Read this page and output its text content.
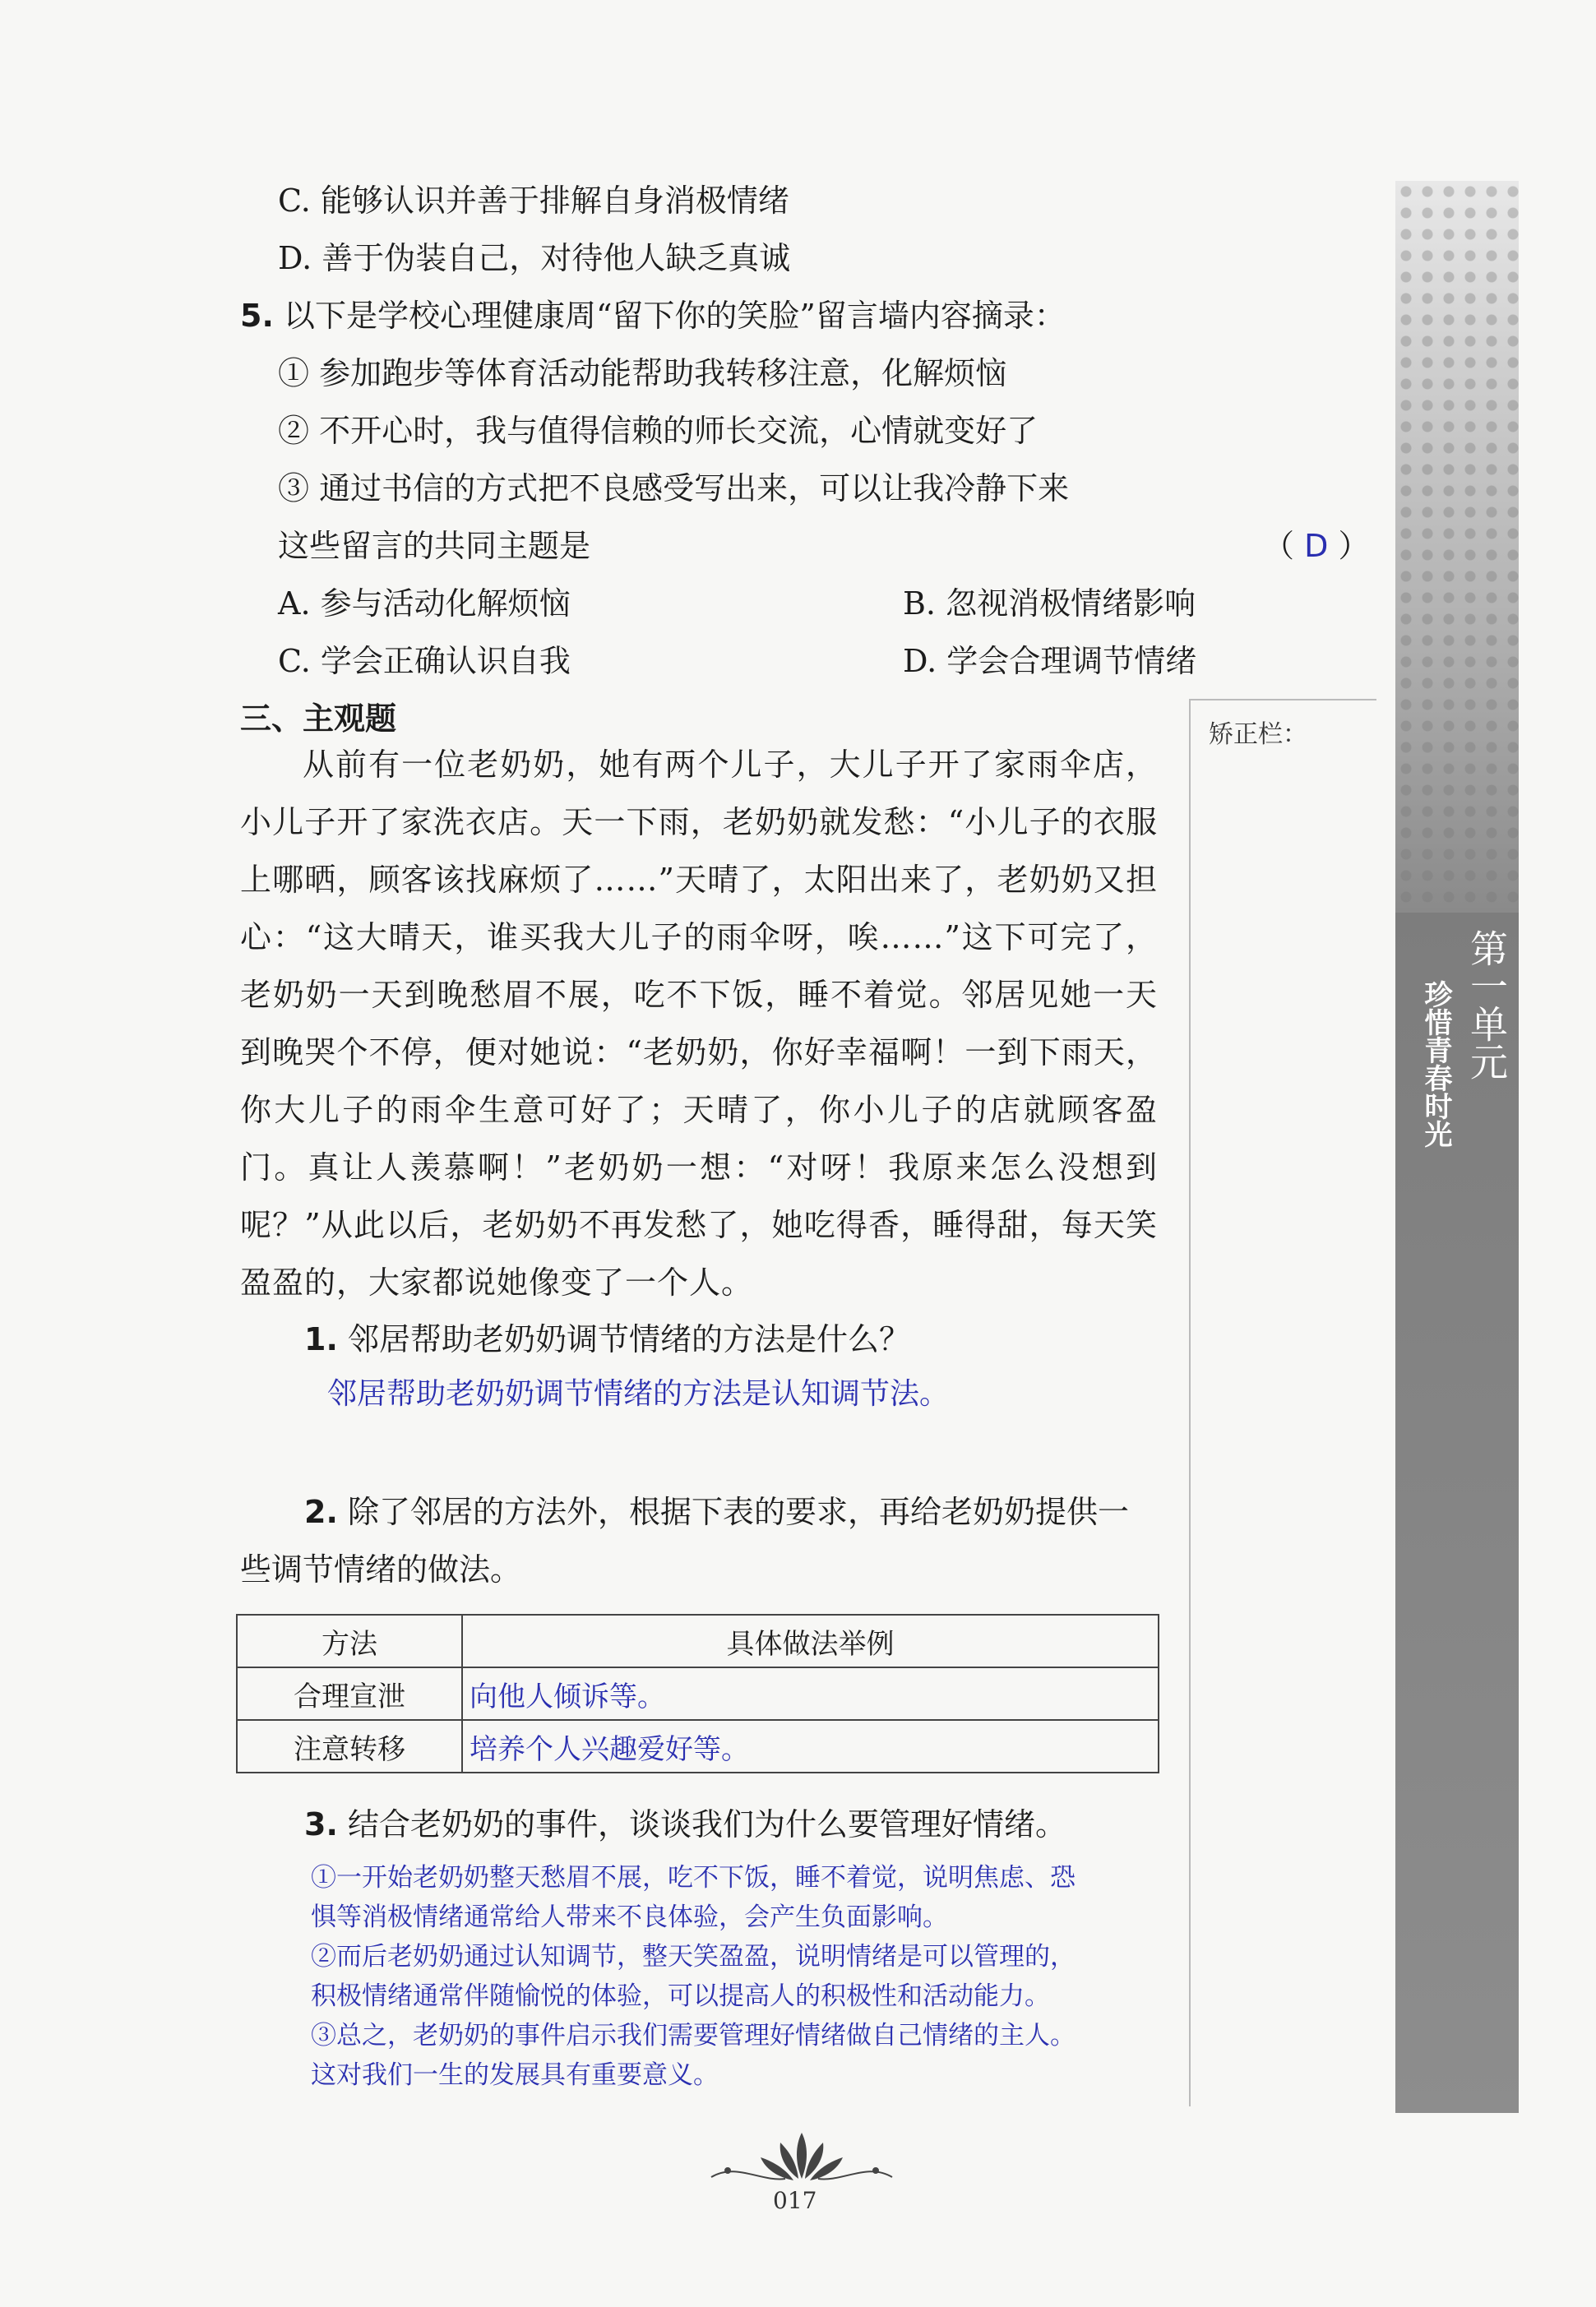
C. 能够认识并善于排解自身消极情绪
D. 善于伪装自己，对待他人缺乏真诚
5. 以下是学校心理健康周“留下你的笑脸”留言墙内容摘录：
① 参加跑步等体育活动能帮助我转移注意，化解烦恼
② 不开心时，我与值得信赖的师长交流，心情就变好了
③ 通过书信的方式把不良感受写出来，可以让我冷静下来
这些留言的共同主题是	（ D ）
A. 参与活动化解烦恼	B. 忽视消极情绪影响
C. 学会正确认识自我	D. 学会合理调节情绪
三、主观题
从前有一位老奶奶，她有两个儿子，大儿子开了家雨伞店，小儿子开了家洗衣店。天一下雨，老奶奶就发愁：“小儿子的衣服上哪晒，顾客该找麻烦了……”天晴了，太阳出来了，老奶奶又担心：“这大晴天，谁买我大儿子的雨伞呀，唉……”这下可完了，老奶奶一天到晚愁眉不展，吃不下饭，睡不着觉。邻居见她一天到晚哭个不停，便对她说：“老奶奶，你好幸福啊！一到下雨天，你大儿子的雨伞生意可好了；天晴了，你小儿子的店就顾客盈门。真让人羡慕啊！”老奶奶一想：“对呀！我原来怎么没想到呢？”从此以后，老奶奶不再发愁了，她吃得香，睡得甜，每天笑盈盈的，大家都说她像变了一个人。
1. 邻居帮助老奶奶调节情绪的方法是什么？
邻居帮助老奶奶调节情绪的方法是认知调节法。
2. 除了邻居的方法外，根据下表的要求，再给老奶奶提供一
些调节情绪的做法。
方法	具体做法举例
合理宣泄	向他人倾诉等。
注意转移	培养个人兴趣爱好等。
3. 结合老奶奶的事件，谈谈我们为什么要管理好情绪。
①一开始老奶奶整天愁眉不展，吃不下饭，睡不着觉，说明焦虑、恐
惧等消极情绪通常给人带来不良体验，会产生负面影响。
②而后老奶奶通过认知调节，整天笑盈盈，说明情绪是可以管理的，
积极情绪通常伴随愉悦的体验，可以提高人的积极性和活动能力。
③总之，老奶奶的事件启示我们需要管理好情绪做自己情绪的主人。
这对我们一生的发展具有重要意义。
矫正栏：
第一单元
珍惜青春时光
017
